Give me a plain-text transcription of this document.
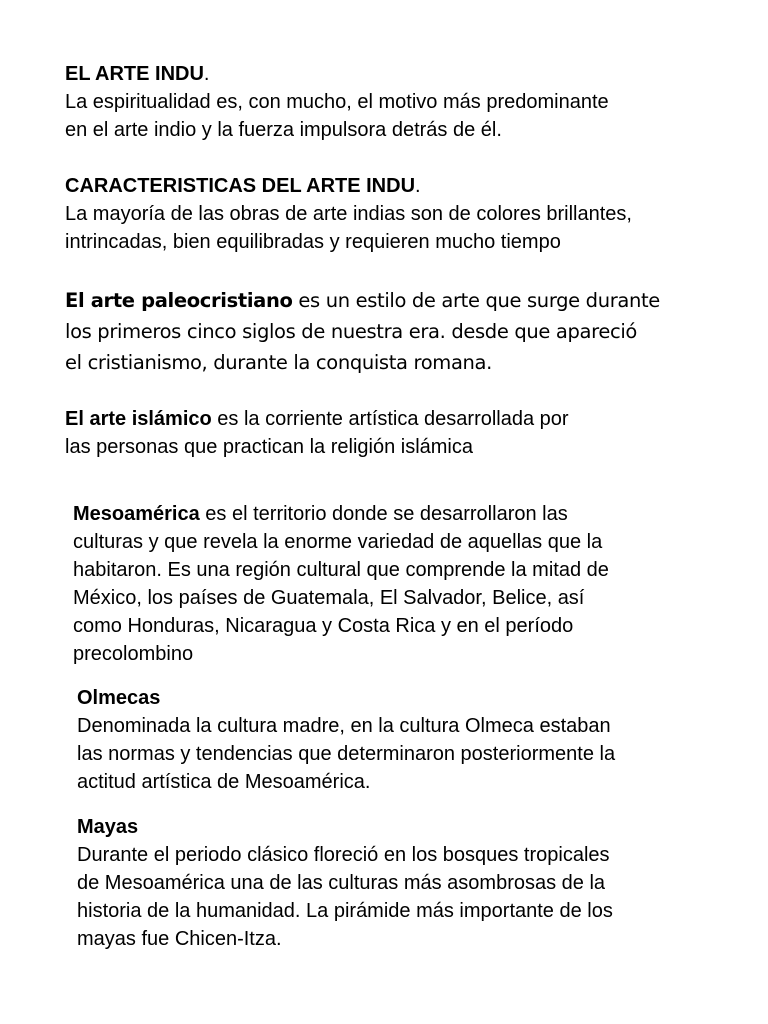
EL ARTE INDU.

La espiritualidad es, con mucho, el motivo más predominante

en el arte indio y la fuerza impulsora detrás de él.

CARACTERISTICAS DEL ARTE INDU.

La mayoría de las obras de arte indias son de colores brillantes,

intrincadas, bien equilibradas y requieren mucho tiempo

El arte paleocristiano es un estilo de arte que surge durante

los primeros cinco siglos de nuestra era. desde que apareció

el cristianismo, durante la conquista romana.

El arte islámico es la corriente artística desarrollada por

las personas que practican la religión islámica

Mesoamérica es el territorio donde se desarrollaron las

culturas y que revela la enorme variedad de aquellas que la

habitaron. Es una región cultural que comprende la mitad de

México, los países de Guatemala, El Salvador, Belice, así

como Honduras, Nicaragua y Costa Rica y en el período

precolombino

Olmecas

Denominada la cultura madre, en la cultura Olmeca estaban

las normas y tendencias que determinaron posteriormente la

actitud artística de Mesoamérica.

Mayas

Durante el periodo clásico floreció en los bosques tropicales

de Mesoamérica una de las culturas más asombrosas de la

historia de la humanidad. La pirámide más importante de los

mayas fue Chicen-Itza.
